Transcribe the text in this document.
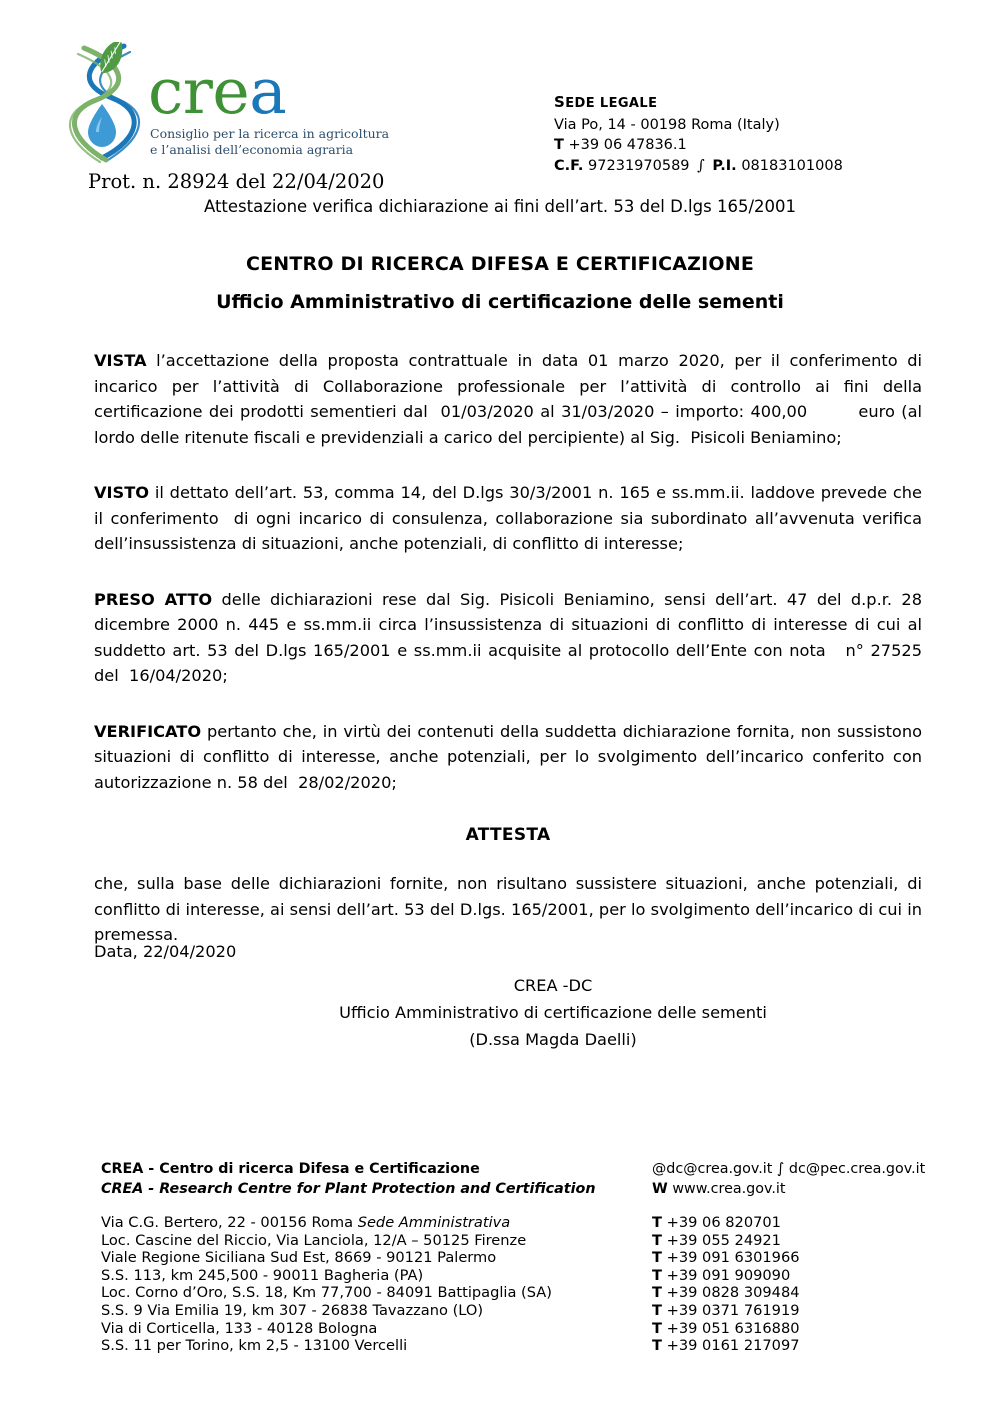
crea
Consiglio per la ricerca in agricoltura
e l’analisi dell’economia agraria
Prot. n. 28924 del 22/04/2020
SEDE LEGALE
Via Po, 14 - 00198 Roma (Italy)
T +39 06 47836.1
C.F. 97231970589 ∫ P.I. 08183101008
Attestazione verifica dichiarazione ai fini dell’art. 53 del D.lgs 165/2001
CENTRO DI RICERCA DIFESA E CERTIFICAZIONE
Ufficio Amministrativo di certificazione delle sementi

VISTA l’accettazione della proposta contrattuale in data 01 marzo 2020, per il conferimento di incarico per l’attività di Collaborazione professionale per l’attività di controllo ai fini della certificazione dei prodotti sementieri dal  01/03/2020 al 31/03/2020 – importo: 400,00        euro (al lordo delle ritenute fiscali e previdenziali a carico del percipiente) al Sig.  Pisicoli Beniamino;

VISTO il dettato dell’art. 53, comma 14, del D.lgs 30/3/2001 n. 165 e ss.mm.ii. laddove prevede che il conferimento  di ogni incarico di consulenza, collaborazione sia subordinato all’avvenuta verifica dell’insussistenza di situazioni, anche potenziali, di conflitto di interesse;

PRESO ATTO delle dichiarazioni rese dal Sig. Pisicoli Beniamino, sensi dell’art. 47 del d.p.r. 28 dicembre 2000 n. 445 e ss.mm.ii circa l’insussistenza di situazioni di conflitto di interesse di cui al suddetto art. 53 del D.lgs 165/2001 e ss.mm.ii acquisite al protocollo dell’Ente con nota   n° 27525 del  16/04/2020;

VERIFICATO pertanto che, in virtù dei contenuti della suddetta dichiarazione fornita, non sussistono situazioni di conflitto di interesse, anche potenziali, per lo svolgimento dell’incarico conferito con autorizzazione n. 58 del  28/02/2020;

ATTESTA

che, sulla base delle dichiarazioni fornite, non risultano sussistere situazioni, anche potenziali, di conflitto di interesse, ai sensi dell’art. 53 del D.lgs. 165/2001, per lo svolgimento dell’incarico di cui in premessa.

Data, 22/04/2020
CREA -DC
Ufficio Amministrativo di certificazione delle sementi
(D.ssa Magda Daelli)
CREA - Centro di ricerca Difesa e Certificazione
CREA - Research Centre for Plant Protection and Certification
@dc@crea.gov.it ∫ dc@pec.crea.gov.it
W www.crea.gov.it
Via C.G. Bertero, 22 - 00156 Roma Sede Amministrativa
Loc. Cascine del Riccio, Via Lanciola, 12/A – 50125 Firenze
Viale Regione Siciliana Sud Est, 8669 - 90121 Palermo
S.S. 113, km 245,500 - 90011 Bagheria (PA)
Loc. Corno d’Oro, S.S. 18, Km 77,700 - 84091 Battipaglia (SA)
S.S. 9 Via Emilia 19, km 307 - 26838 Tavazzano (LO)
Via di Corticella, 133 - 40128 Bologna
S.S. 11 per Torino, km 2,5 - 13100 Vercelli
T +39 06 820701
T +39 055 24921
T +39 091 6301966
T +39 091 909090
T +39 0828 309484
T +39 0371 761919
T +39 051 6316880
T +39 0161 217097
